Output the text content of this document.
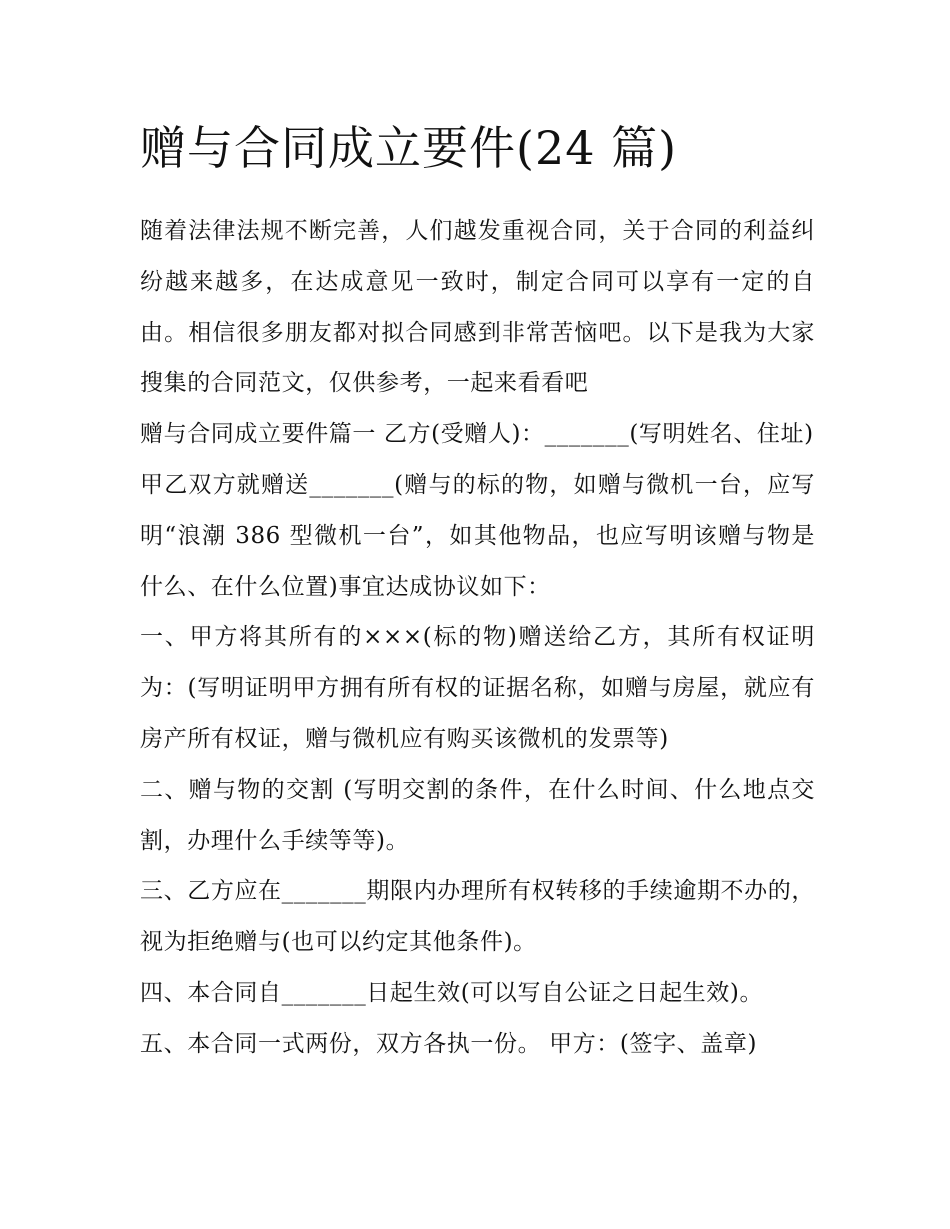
赠与合同成立要件(24 篇)

随着法律法规不断完善，人们越发重视合同，关于合同的利益纠纷越来越多，在达成意见一致时，制定合同可以享有一定的自由。相信很多朋友都对拟合同感到非常苦恼吧。以下是我为大家搜集的合同范文，仅供参考，一起来看看吧

赠与合同成立要件篇一 乙方(受赠人)：_______(写明姓名、住址)

甲乙双方就赠送_______(赠与的标的物，如赠与微机一台，应写明“浪潮 386 型微机一台”，如其他物品，也应写明该赠与物是什么、在什么位置)事宜达成协议如下：

一、甲方将其所有的×××(标的物)赠送给乙方，其所有权证明为：(写明证明甲方拥有所有权的证据名称，如赠与房屋，就应有房产所有权证，赠与微机应有购买该微机的发票等)

二、赠与物的交割 (写明交割的条件，在什么时间、什么地点交割，办理什么手续等等)。

三、乙方应在_______期限内办理所有权转移的手续逾期不办的，视为拒绝赠与(也可以约定其他条件)。

四、本合同自_______日起生效(可以写自公证之日起生效)。

五、本合同一式两份，双方各执一份。 甲方：(签字、盖章)
